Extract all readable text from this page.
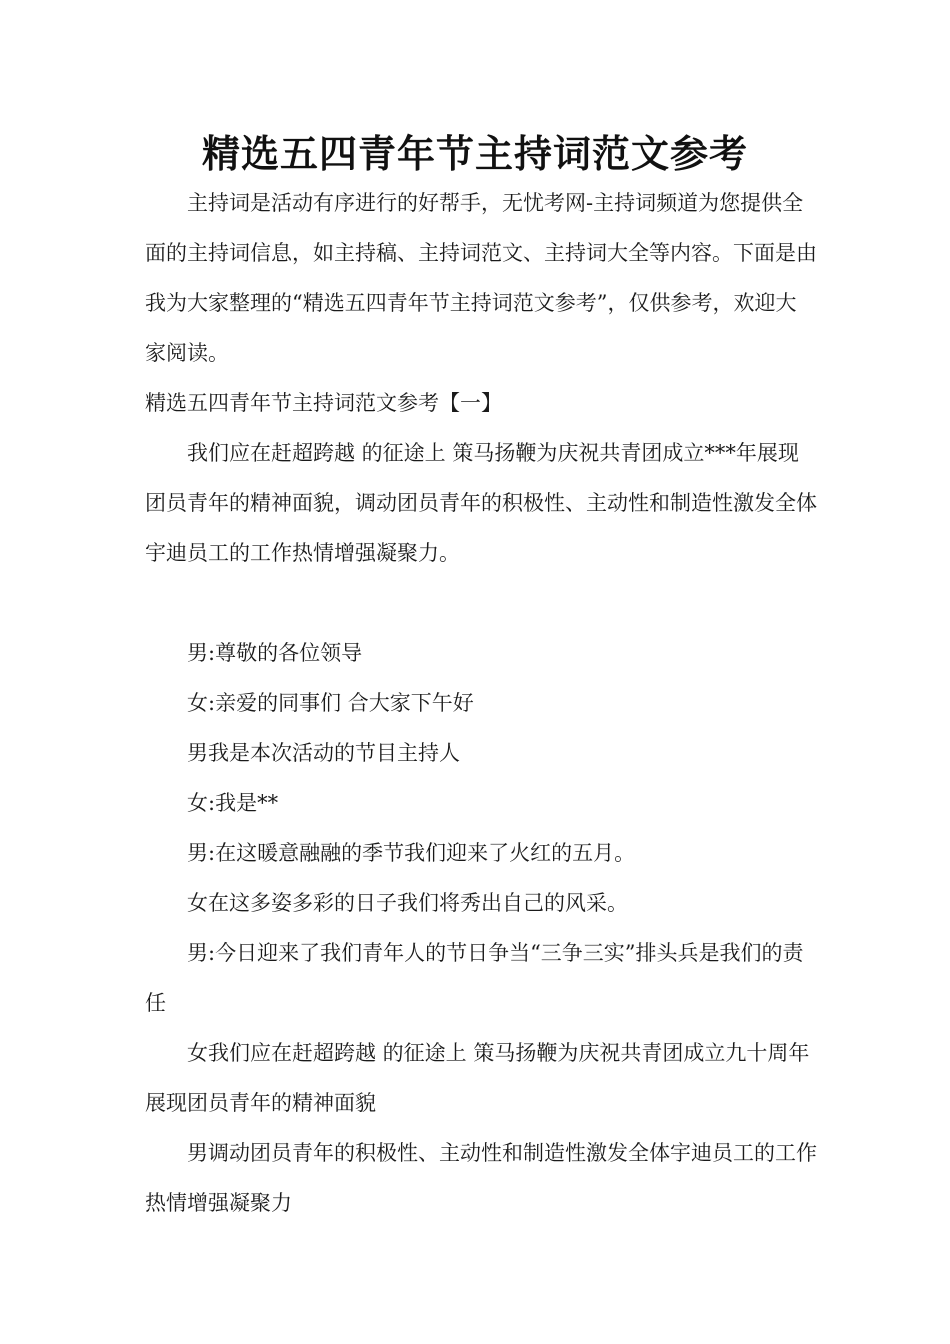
精选五四青年节主持词范文参考

主持词是活动有序进行的好帮手，无忧考网-主持词频道为您提供全面的主持词信息，如主持稿、主持词范文、主持词大全等内容。下面是由我为大家整理的“精选五四青年节主持词范文参考”，仅供参考，欢迎大家阅读。

精选五四青年节主持词范文参考【一】

我们应在赶超跨越 的征途上 策马扬鞭为庆祝共青团成立***年展现团员青年的精神面貌，调动团员青年的积极性、主动性和制造性激发全体宇迪员工的工作热情增强凝聚力。

男:尊敬的各位领导

女:亲爱的同事们 合大家下午好

男我是本次活动的节目主持人

女:我是**

男:在这暖意融融的季节我们迎来了火红的五月。

女在这多姿多彩的日子我们将秀出自己的风采。

男:今日迎来了我们青年人的节日争当“三争三实”排头兵是我们的责任

女我们应在赶超跨越 的征途上 策马扬鞭为庆祝共青团成立九十周年展现团员青年的精神面貌

男调动团员青年的积极性、主动性和制造性激发全体宇迪员工的工作热情增强凝聚力
